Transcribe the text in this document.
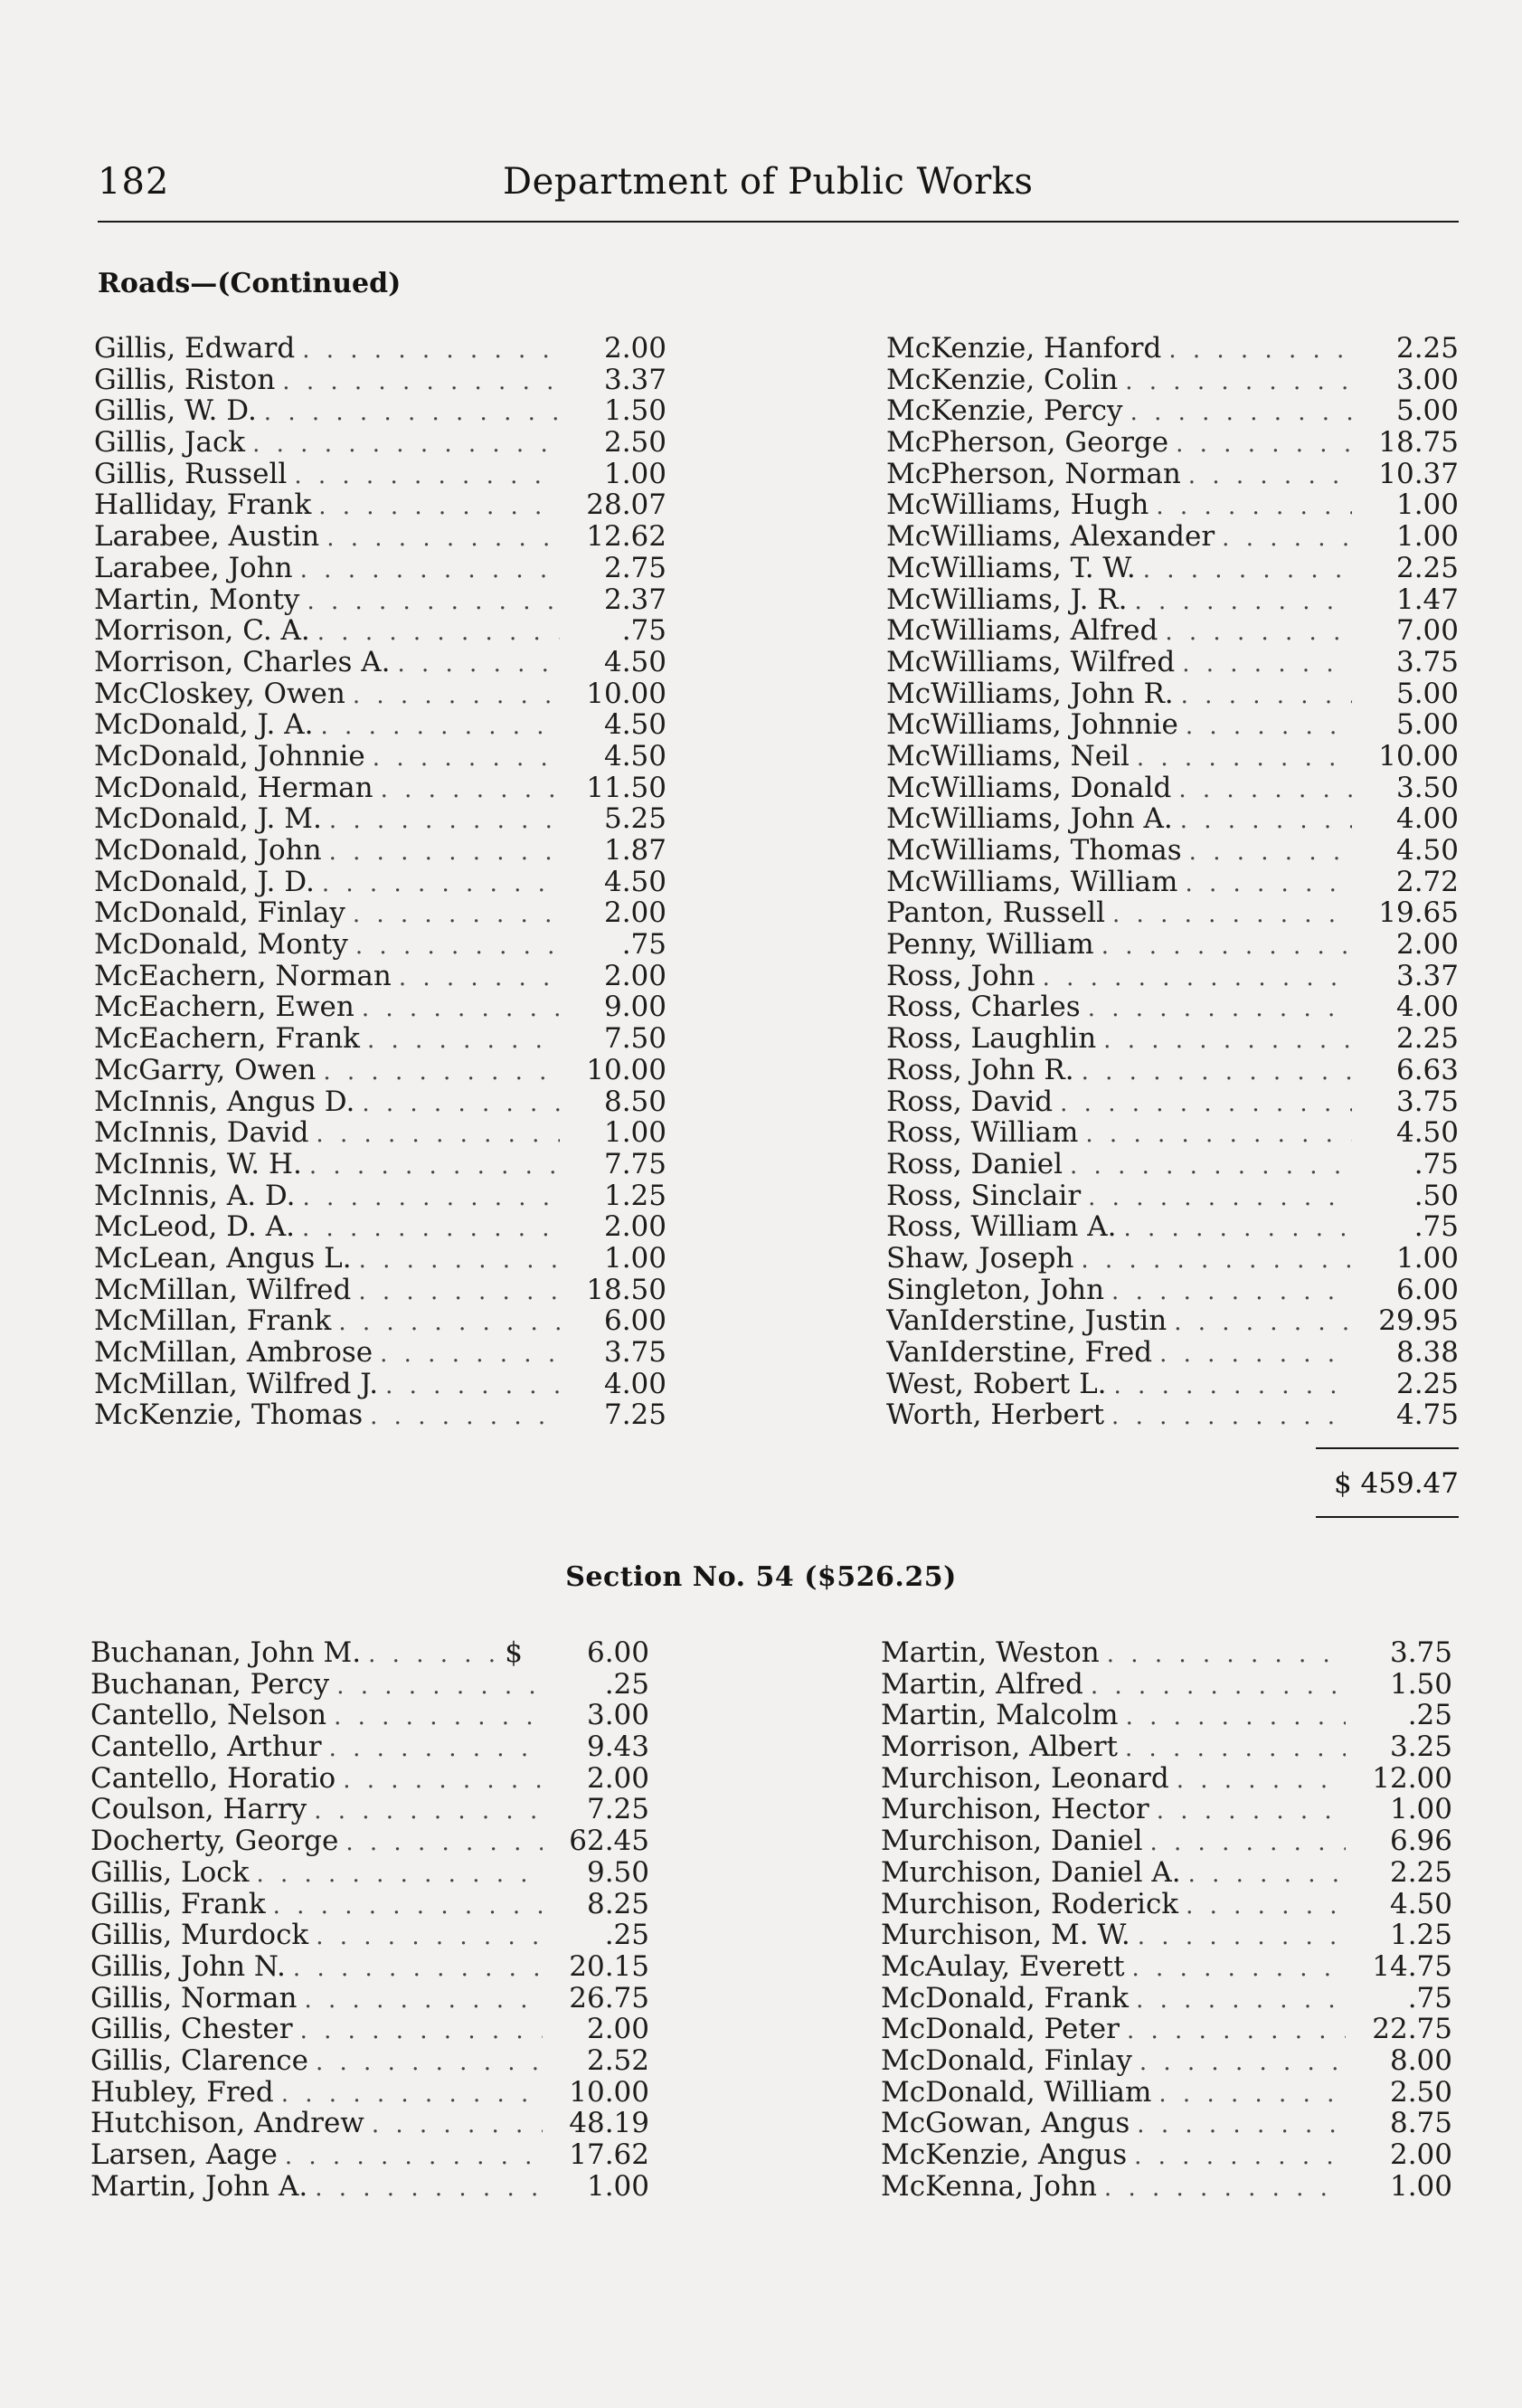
182	Department of Public Works
Roads—(Continued)
Gillis, Edward . . .	2.00
Gillis, Riston . . .	3.37
Gillis, W. D. . . .	1.50
Gillis, Jack . . .	2.50
Gillis, Russell . . .	1.00
Halliday, Frank . . .	28.07
Larabee, Austin . . .	12.62
Larabee, John . . .	2.75
Martin, Monty . . .	2.37
Morrison, C. A. . . .	.75
Morrison, Charles A. . . .	4.50
McCloskey, Owen . . .	10.00
McDonald, J. A. . . .	4.50
McDonald, Johnnie . . .	4.50
McDonald, Herman . . .	11.50
McDonald, J. M. . . .	5.25
McDonald, John . . .	1.87
McDonald, J. D. . . .	4.50
McDonald, Finlay . . .	2.00
McDonald, Monty . . .	.75
McEachern, Norman . . .	2.00
McEachern, Ewen . . .	9.00
McEachern, Frank . . .	7.50
McGarry, Owen . . .	10.00
McInnis, Angus D. . . .	8.50
McInnis, David . . .	1.00
McInnis, W. H. . . .	7.75
McInnis, A. D. . . .	1.25
McLeod, D. A. . . .	2.00
McLean, Angus L. . . .	1.00
McMillan, Wilfred . . .	18.50
McMillan, Frank . . .	6.00
McMillan, Ambrose . . .	3.75
McMillan, Wilfred J. . . .	4.00
McKenzie, Thomas . . .	7.25
McKenzie, Hanford . . .	2.25
McKenzie, Colin . . .	3.00
McKenzie, Percy . . .	5.00
McPherson, George . . .	18.75
McPherson, Norman . . .	10.37
McWilliams, Hugh . . .	1.00
McWilliams, Alexander . . .	1.00
McWilliams, T. W. . . .	2.25
McWilliams, J. R. . . .	1.47
McWilliams, Alfred . . .	7.00
McWilliams, Wilfred . . .	3.75
McWilliams, John R. . . .	5.00
McWilliams, Johnnie . . .	5.00
McWilliams, Neil . . .	10.00
McWilliams, Donald . . .	3.50
McWilliams, John A. . . .	4.00
McWilliams, Thomas . . .	4.50
McWilliams, William . . .	2.72
Panton, Russell . . .	19.65
Penny, William . . .	2.00
Ross, John . . .	3.37
Ross, Charles . . .	4.00
Ross, Laughlin . . .	2.25
Ross, John R. . . .	6.63
Ross, David . . .	3.75
Ross, William . . .	4.50
Ross, Daniel . . .	.75
Ross, Sinclair . . .	.50
Ross, William A. . . .	.75
Shaw, Joseph . . .	1.00
Singleton, John . . .	6.00
VanIderstine, Justin . . .	29.95
VanIderstine, Fred . . .	8.38
West, Robert L. . . .	2.25
Worth, Herbert . . .	4.75
$ 459.47
Section No. 54 ($526.25)
Buchanan, John M. . . .	$	6.00
Buchanan, Percy . . .	.25
Cantello, Nelson . . .	3.00
Cantello, Arthur . . .	9.43
Cantello, Horatio . . .	2.00
Coulson, Harry . . .	7.25
Docherty, George . . .	62.45
Gillis, Lock . . .	9.50
Gillis, Frank . . .	8.25
Gillis, Murdock . . .	.25
Gillis, John N. . . .	20.15
Gillis, Norman . . .	26.75
Gillis, Chester . . .	2.00
Gillis, Clarence . . .	2.52
Hubley, Fred . . .	10.00
Hutchison, Andrew . . .	48.19
Larsen, Aage . . .	17.62
Martin, John A. . . .	1.00
Martin, Weston . . .	3.75
Martin, Alfred . . .	1.50
Martin, Malcolm . . .	.25
Morrison, Albert . . .	3.25
Murchison, Leonard . . .	12.00
Murchison, Hector . . .	1.00
Murchison, Daniel . . .	6.96
Murchison, Daniel A. . . .	2.25
Murchison, Roderick . . .	4.50
Murchison, M. W. . . .	1.25
McAulay, Everett . . .	14.75
McDonald, Frank . . .	.75
McDonald, Peter . . .	22.75
McDonald, Finlay . . .	8.00
McDonald, William . . .	2.50
McGowan, Angus . . .	8.75
McKenzie, Angus . . .	2.00
McKenna, John . . .	1.00
